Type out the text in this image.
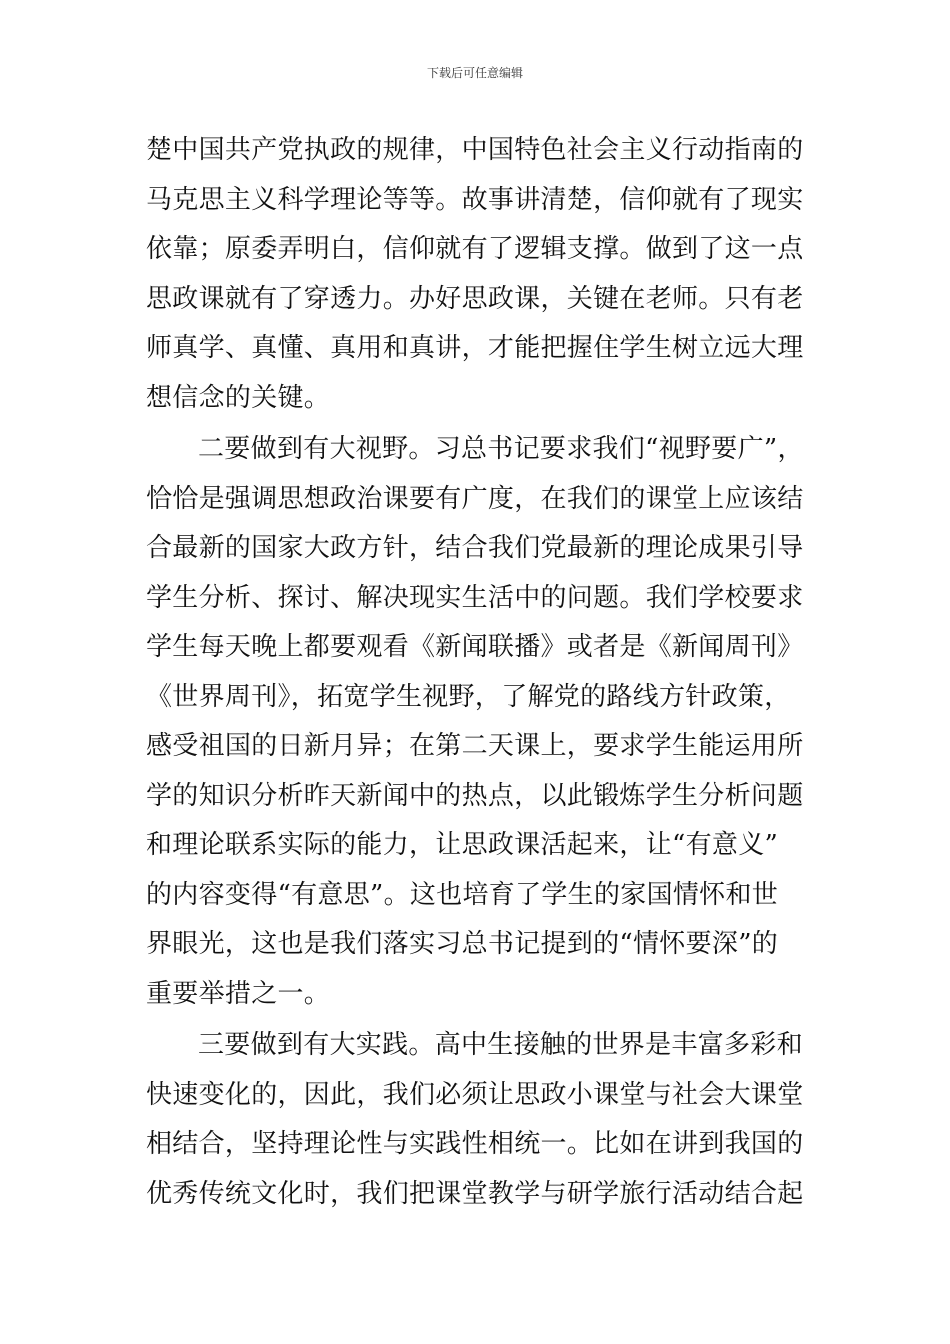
下载后可任意编辑
楚中国共产党执政的规律，中国特色社会主义行动指南的
马克思主义科学理论等等。故事讲清楚，信仰就有了现实
依靠；原委弄明白，信仰就有了逻辑支撑。做到了这一点
思政课就有了穿透力。办好思政课，关键在老师。只有老
师真学、真懂、真用和真讲，才能把握住学生树立远大理
想信念的关键。
二要做到有大视野。习总书记要求我们“视野要广”，
恰恰是强调思想政治课要有广度，在我们的课堂上应该结
合最新的国家大政方针，结合我们党最新的理论成果引导
学生分析、探讨、解决现实生活中的问题。我们学校要求
学生每天晚上都要观看《新闻联播》或者是《新闻周刊》
《世界周刊》，拓宽学生视野，了解党的路线方针政策，
感受祖国的日新月异；在第二天课上，要求学生能运用所
学的知识分析昨天新闻中的热点，以此锻炼学生分析问题
和理论联系实际的能力，让思政课活起来，让“有意义”
的内容变得“有意思”。这也培育了学生的家国情怀和世
界眼光，这也是我们落实习总书记提到的“情怀要深”的
重要举措之一。
三要做到有大实践。高中生接触的世界是丰富多彩和
快速变化的，因此，我们必须让思政小课堂与社会大课堂
相结合，坚持理论性与实践性相统一。比如在讲到我国的
优秀传统文化时，我们把课堂教学与研学旅行活动结合起
